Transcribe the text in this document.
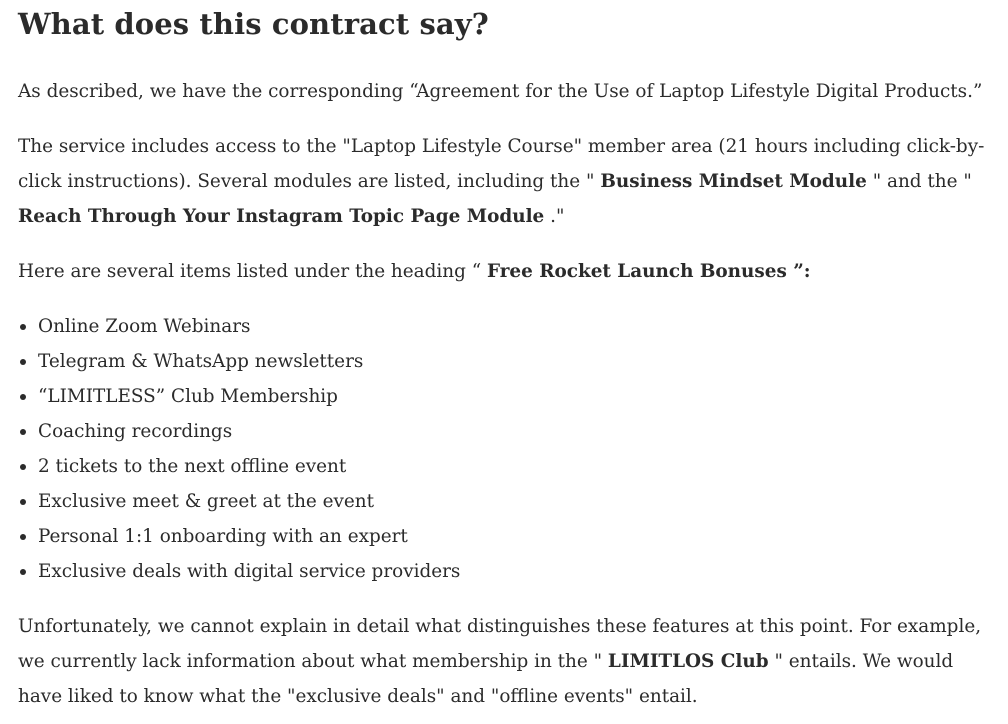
What does this contract say?

As described, we have the corresponding “Agreement for the Use of Laptop Lifestyle Digital Products.”

The service includes access to the "Laptop Lifestyle Course" member area (21 hours including click-by-click instructions). Several modules are listed, including the " Business Mindset Module " and the " Reach Through Your Instagram Topic Page Module ."

Here are several items listed under the heading “ Free Rocket Launch Bonuses ”:

Online Zoom Webinars
Telegram & WhatsApp newsletters
“LIMITLESS” Club Membership
Coaching recordings
2 tickets to the next offline event
Exclusive meet & greet at the event
Personal 1:1 onboarding with an expert
Exclusive deals with digital service providers

Unfortunately, we cannot explain in detail what distinguishes these features at this point. For example, we currently lack information about what membership in the " LIMITLOS Club " entails. We would have liked to know what the "exclusive deals" and "offline events" entail.
